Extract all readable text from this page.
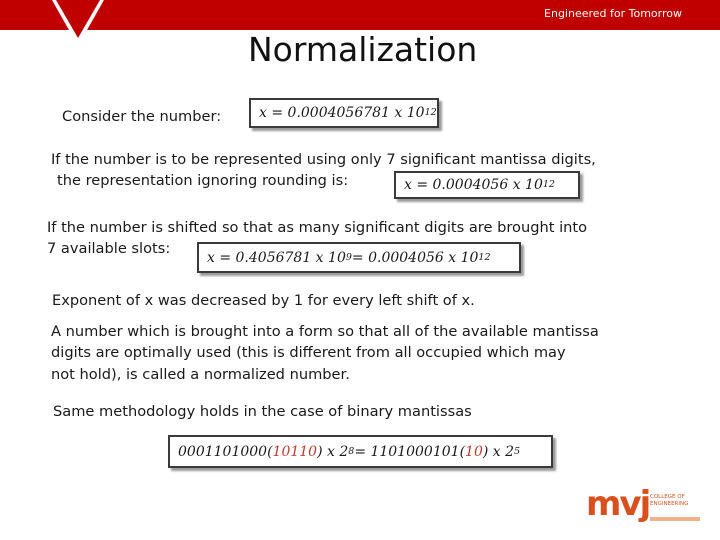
Engineered for Tomorrow
Normalization
Consider the number:	x =
0.0004056781 x 10 12
If the number is to be represented using only 7 significant mantissa digits,
the representation ignoring rounding is:	x = 0.0004056 x 10 12
If the number is shifted so that as many significant digits are brought into
7 available slots:
x = 0.4056781 x 10 9 = 0.0004056 x 10 12
Exponent of x was decreased by 1 for every left shift of x.
A number which is brought into a form so that all of the available mantissa
digits are optimally used (this is different from all occupied which may
not hold), is called a normalized number.
Same methodology holds in the case of binary mantissas
0001101000( 10110 ) x 2 8 = 1101000101( 10 ) x 2 5
mvj COLLEGE OF
ENGINEERING
